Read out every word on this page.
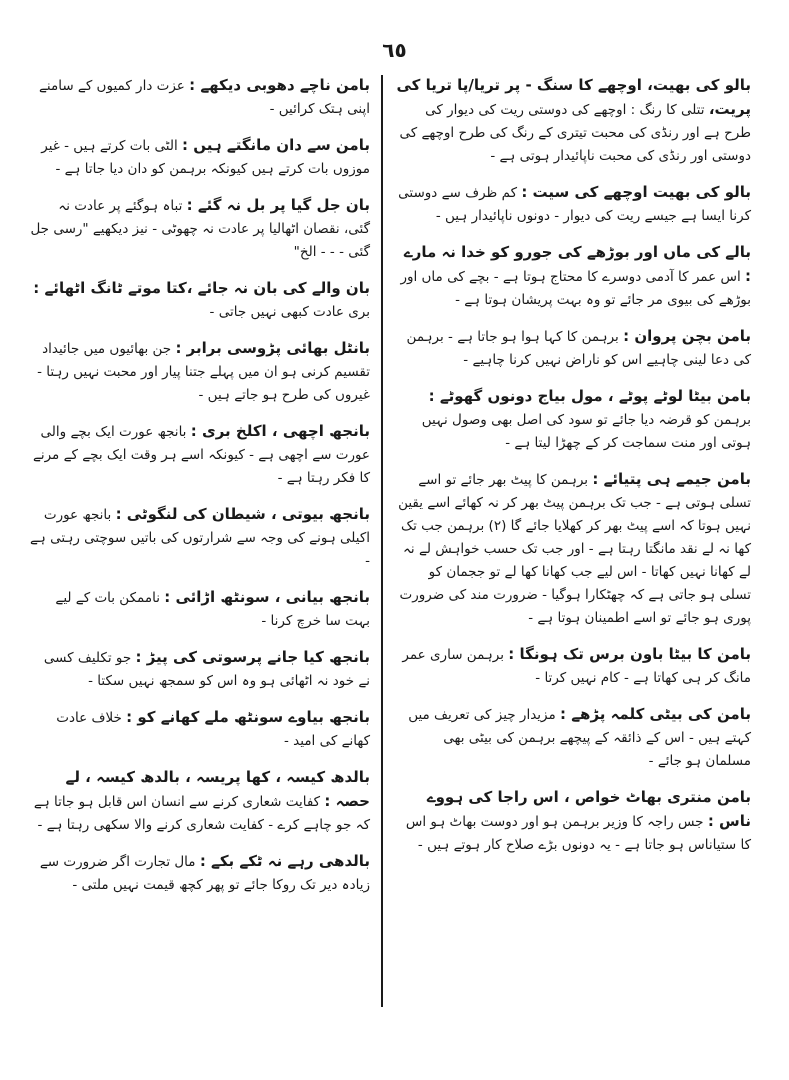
٦٥
بالو کی بھیت، اوچھے کا سنگ - پر تریا/پا تریا کی پریت، تتلی کا رنگ : اوچھے کی دوستی ریت کی دیوار کی طرح ہے اور رنڈی کی محبت تیتری کے رنگ کی طرح اوچھے کی دوستی اور رنڈی کی محبت ناپائیدار ہوتی ہے -
بالو کی بھیت اوچھے کی سیت : کم ظرف سے دوستی کرنا ایسا ہے جیسے ریت کی دیوار - دونوں ناپائیدار ہیں -
بالے کی ماں اور بوڑھے کی جورو کو خدا نہ مارے : اس عمر کا آدمی دوسرے کا محتاج ہوتا ہے - بچے کی ماں اور بوڑھے کی بیوی مر جائے تو وہ بہت پریشان ہوتا ہے -
بامن بچن پروان : برہمن کا کہا ہوا ہو جاتا ہے - برہمن کی دعا لینی چاہیے اس کو ناراض نہیں کرنا چاہیے -
بامن بیٹا لوٹے پوٹے ، مول بیاج دونوں گھوٹے : برہمن کو قرضہ دیا جائے تو سود کی اصل بھی وصول نہیں ہوتی اور منت سماجت کر کے چھڑا لیتا ہے -
بامن جیمے ہی پتیائے : برہمن کا پیٹ بھر جائے تو اسے تسلی ہوتی ہے - جب تک برہمن پیٹ بھر کر نہ کھائے اسے یقین نہیں ہوتا کہ اسے پیٹ بھر کر کھلایا جائے گا (۲) برہمن جب تک کھا نہ لے نقد مانگتا رہتا ہے - اور جب تک حسب خواہش لے نہ لے کھانا نہیں کھاتا - اس لیے جب کھانا کھا لے تو ججمان کو تسلی ہو جاتی ہے کہ چھٹکارا ہوگیا - ضرورت مند کی ضرورت پوری ہو جائے تو اسے اطمینان ہوتا ہے -
بامن کا بیٹا باون برس تک ہونگا : برہمن ساری عمر مانگ کر ہی کھاتا ہے - کام نہیں کرتا -
بامن کی بیٹی کلمہ پڑھے : مزیدار چیز کی تعریف میں کہتے ہیں - اس کے ذائقہ کے پیچھے برہمن کی بیٹی بھی مسلمان ہو جائے -
بامن منتری بھاٹ خواص ، اس راجا کی ہووے ناس : جس راجہ کا وزیر برہمن ہو اور دوست بھاٹ ہو اس کا ستیاناس ہو جاتا ہے - یہ دونوں بڑے صلاح کار ہوتے ہیں -
بامن ناچے دھوبی دیکھے : عزت دار کمیوں کے سامنے اپنی ہتک کرائیں -
بامن سے دان مانگتے ہیں : الٹی بات کرتے ہیں - غیر موزوں بات کرتے ہیں کیونکہ برہمن کو دان دیا جاتا ہے -
بان جل گیا پر بل نہ گئے : تباہ ہوگئے پر عادت نہ گئی، نقصان اٹھالیا پر عادت نہ چھوٹی - نیز دیکھیے "رسی جل گئی - - - الخ"
بان والے کی بان نہ جائے ،کتا موتے ٹانگ اٹھائے : بری عادت کبھی نہیں جاتی -
بانٹل بھائی پڑوسی برابر : جن بھائیوں میں جائیداد تقسیم کرنی ہو ان میں پہلے جتنا پیار اور محبت نہیں رہتا - غیروں کی طرح ہو جاتے ہیں -
بانجھ اچھی ، اکلخ بری : بانجھ عورت ایک بچے والی عورت سے اچھی ہے - کیونکہ اسے ہر وقت ایک بچے کے مرنے کا فکر رہتا ہے -
بانجھ بیوتی ، شیطان کی لنگوٹی : بانجھ عورت اکیلی ہونے کی وجہ سے شرارتوں کی باتیں سوچتی رہتی ہے -
بانجھ بیانی ، سونٹھ اڑائی : ناممکن بات کے لیے بہت سا خرچ کرنا -
بانجھ کیا جانے پرسوتی کی پیڑ : جو تکلیف کسی نے خود نہ اٹھائی ہو وہ اس کو سمجھ نہیں سکتا -
بانجھ بیاوے سونٹھ ملے کھانے کو : خلاف عادت کھانے کی امید -
بالدھ کیسہ ، کھا پریسہ ، بالدھ کیسہ ، لے حصہ : کفایت شعاری کرنے سے انسان اس قابل ہو جاتا ہے کہ جو چاہے کرے - کفایت شعاری کرنے والا سکھی رہتا ہے -
بالدھی رہے نہ ٹکے بکے : مال تجارت اگر ضرورت سے زیادہ دیر تک روکا جائے تو پھر کچھ قیمت نہیں ملتی -
